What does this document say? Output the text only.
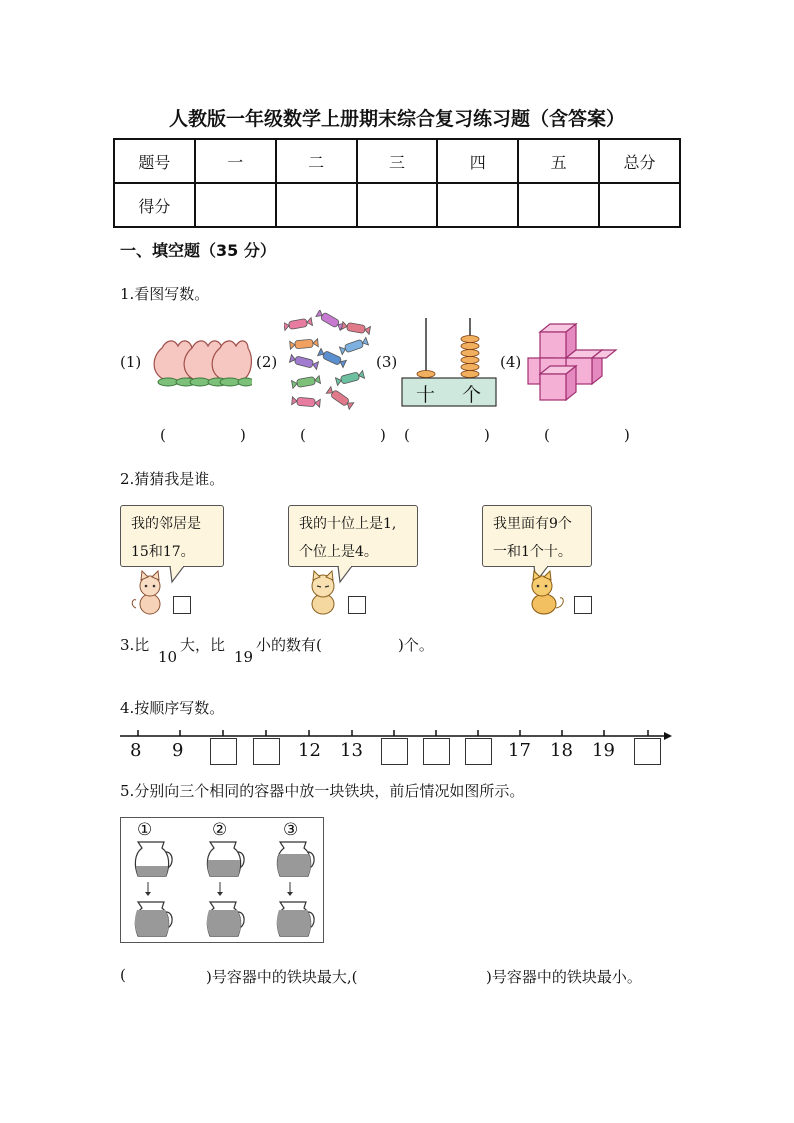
人教版一年级数学上册期末综合复习练习题（含答案）
题号	一	二	三	四	五	总分
得分						
一、填空题（35 分）
1.看图写数。
(1)	(2)	(3)
十 个
(4)
(	)	(	) (	)	(	)
2.猜猜我是谁。
我的邻居是
15和17。
我的十位上是1,
个位上是4。
我里面有9个
一和1个十。
3.比
10
大，比
19
小的数有(	)个。
4.按顺序写数。
8 9	12 13	17 18 19
5.分别向三个相同的容器中放一块铁块，前后情况如图所示。
①	②	③
(	)号容器中的铁块最大,(	)号容器中的铁块最小。
